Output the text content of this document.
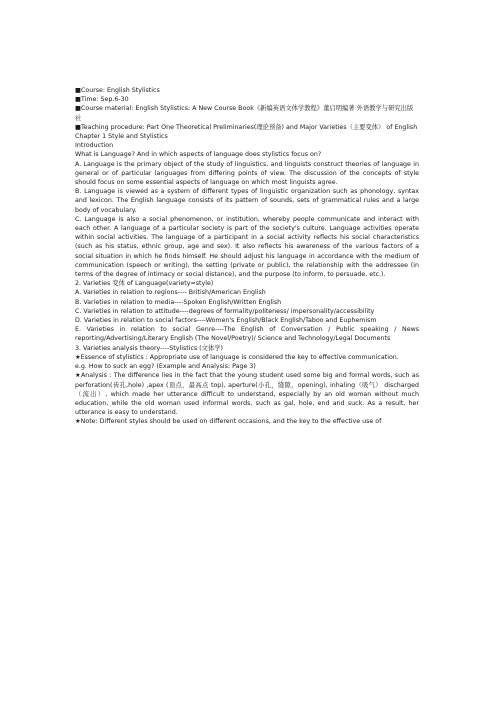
■Course: English Stylistics

■Time: Sep.6-30

■Course material: English Stylistics: A New Course Book《新编英语文体学教程》董启明编著 外语教学与研究出版社

■Teaching procedure: Part One Theoretical Preliminaries(理论预备) and Major Varieties（主要变体） of English

Chapter 1 Style and Stylistics

Introduction

What is Language? And in which aspects of language does stylistics focus on?

A. Language is the primary object of the study of linguistics, and linguists construct theories of language in general or of particular languages from differing points of view. The discussion of the concepts of style should focus on some essential aspects of language on which most linguists agree.

B. Language is viewed as a system of different types of linguistic organization such as phonology, syntax and lexicon. The English language consists of its pattern of sounds, sets of grammatical rules and a large body of vocabulary.

C. Language is also a social phenomenon, or institution, whereby people communicate and interact with each other. A language of a particular society is part of the society's culture. Language activities operate within social activities. The language of a participant in a social activity reflects his social characteristics (such as his status, ethnic group, age and sex). It also reflects his awareness of the various factors of a social situation in which he finds himself. He should adjust his language in accordance with the medium of communication (speech or writing), the setting (private or public), the relationship with the addressee (in terms of the degree of intimacy or social distance), and the purpose (to inform, to persuade, etc.).

2. Varieties 变体 of Language(variety=style)

A. Varieties in relation to regions---- British/American English

B. Varieties in relation to media----Spoken English/Written English

C. Varieties in relation to attitude----degrees of formality/politeness/ impersonality/accessibility

D. Varieties in relation to social factors----Women's English/Black English/Taboo and Euphemism

E. Varieties in relation to social Genre----The English of Conversation / Public speaking / News reporting/Advertising/Literary English (The Novel/Poetry)/ Science and Technology/Legal Documents

3. Varieties analysis theory----Stylistics (文体学)

★Essence of stylistics : Appropriate use of language is considered the key to effective communication.

e.g. How to suck an egg? (Example and Analysis: Page 3)

★Analysis : The difference lies in the fact that the young student used some big and formal words, such as perforation(齿孔,hole) ,apex (顶点，最高点 top), aperture(小孔，缝隙，opening), inhaling（吸气） discharged（流出）, which made her utterance difficult to understand, especially by an old woman without much education, while the old woman used informal words, such as gal, hole, end and suck. As a result, her utterance is easy to understand.

★Note: Different styles should be used on different occasions, and the key to the effective use of
